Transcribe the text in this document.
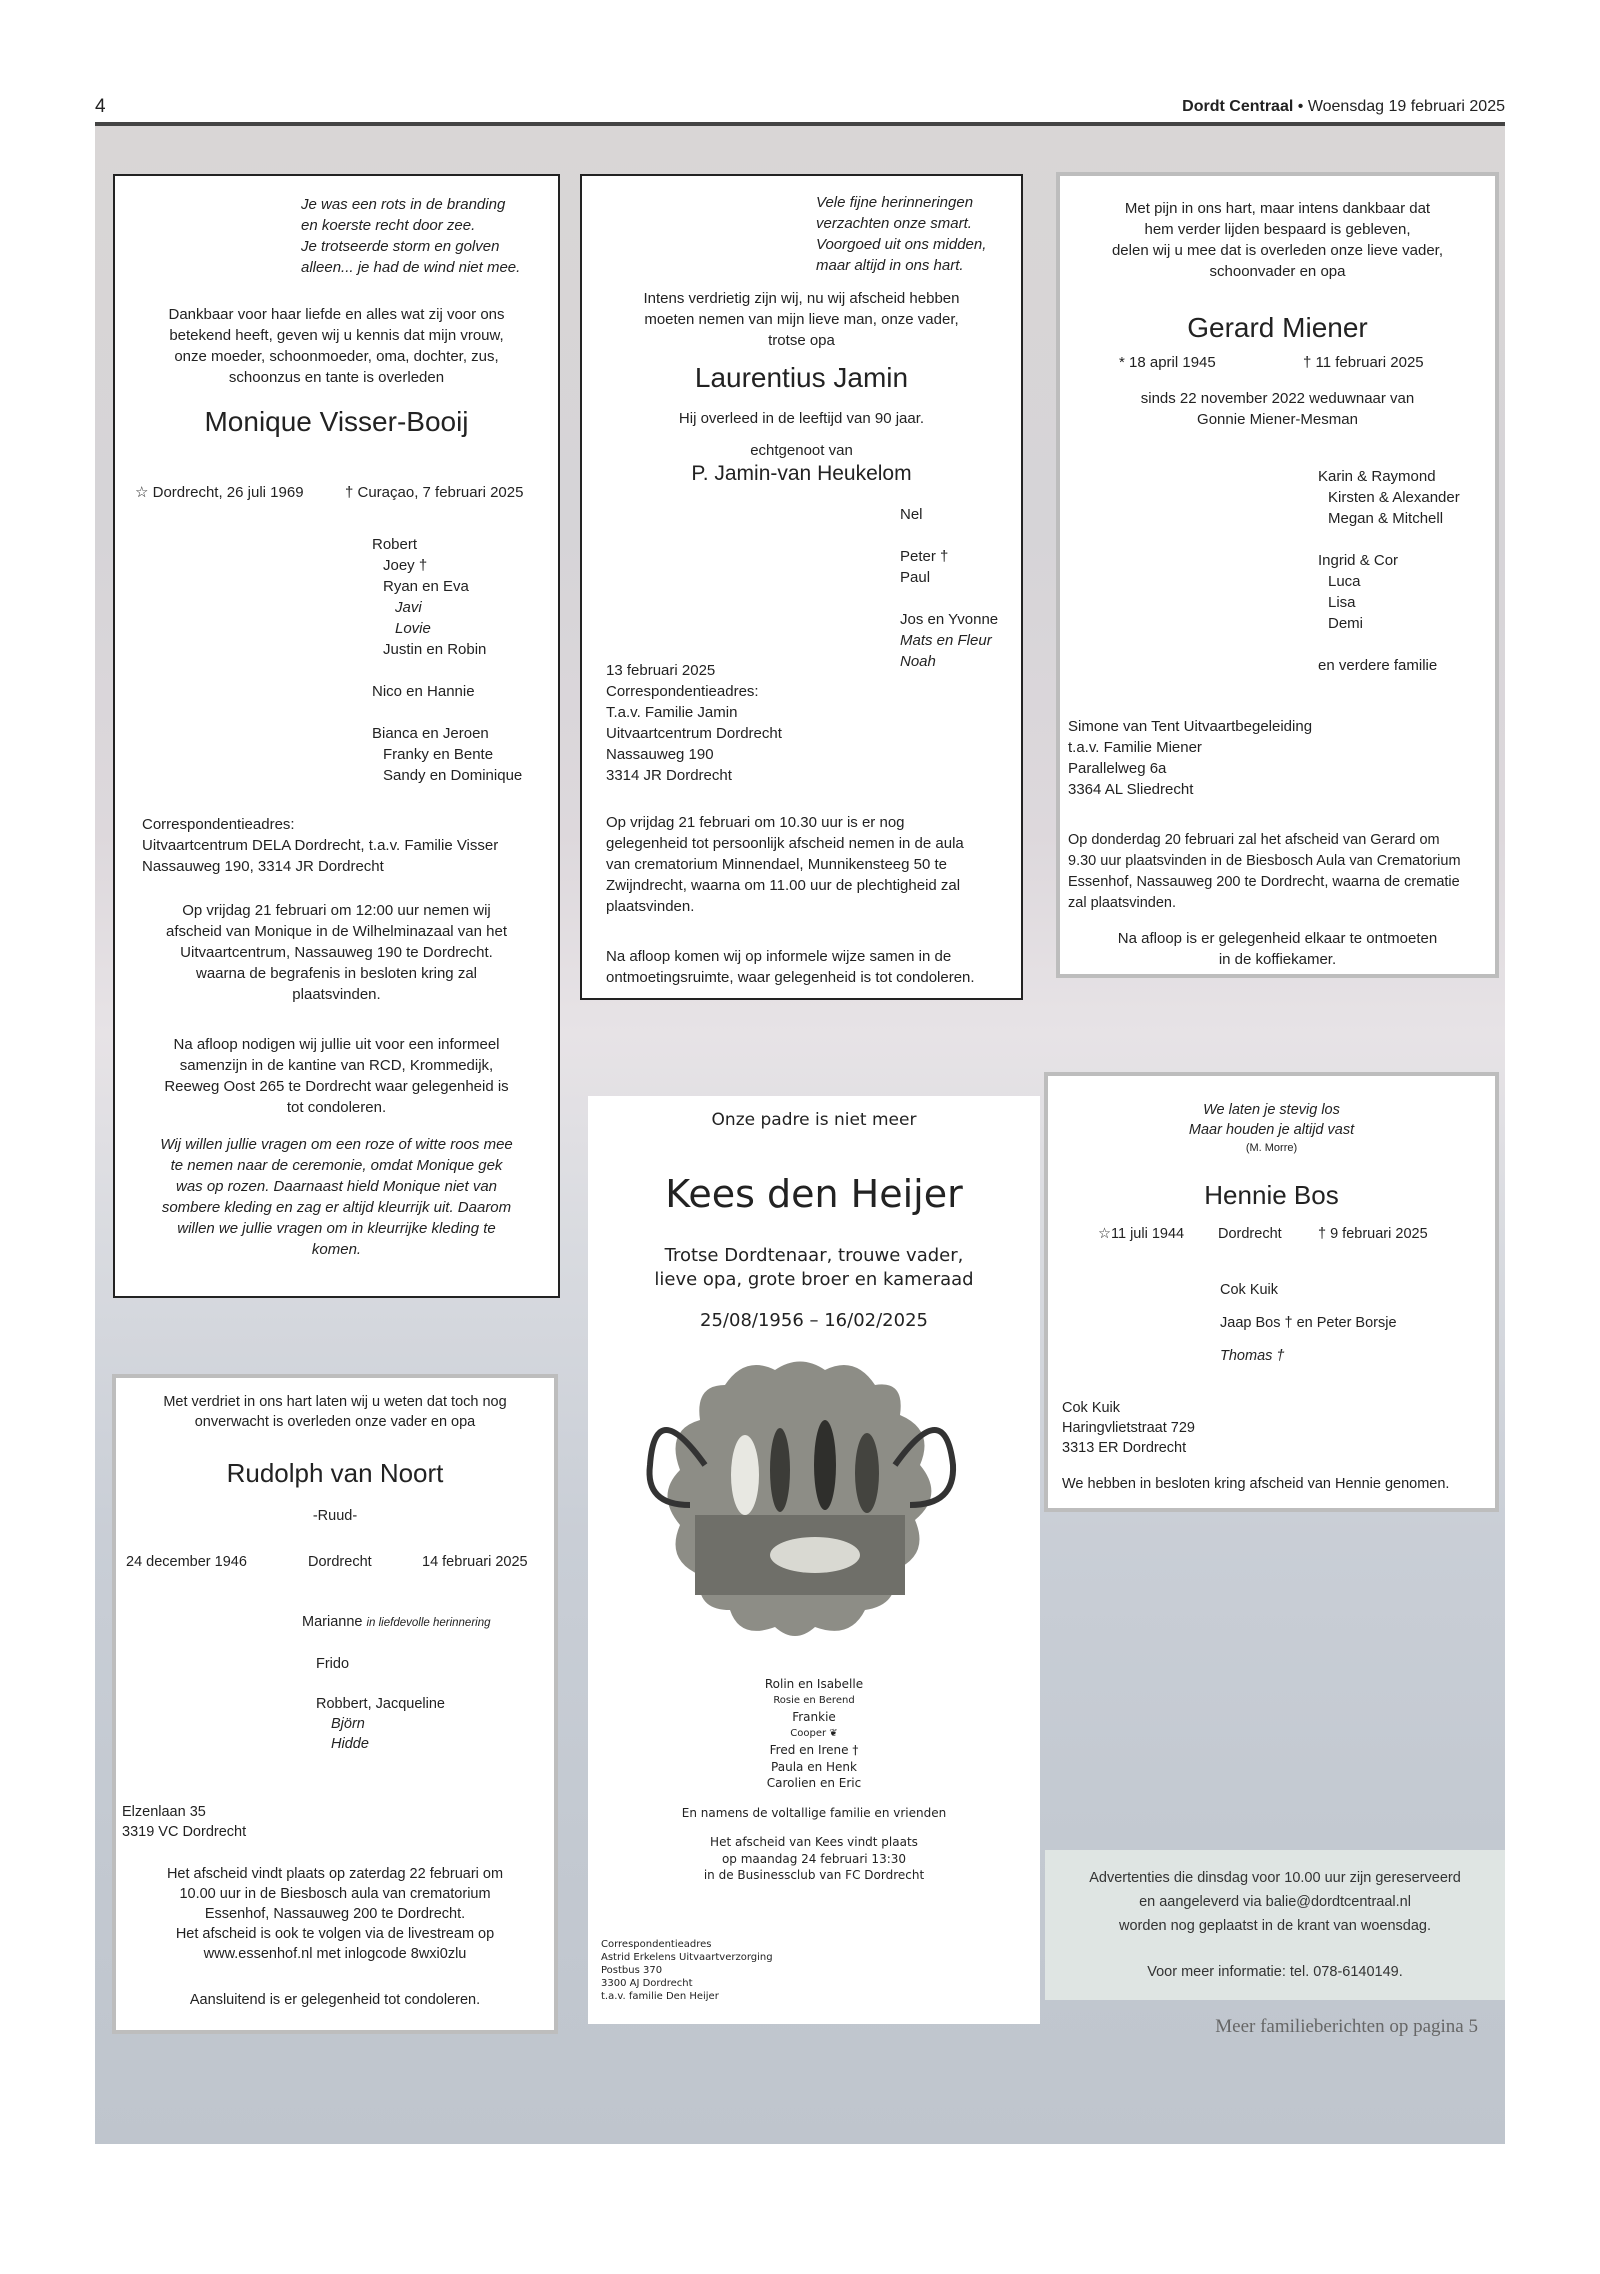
4	Dordt Centraal • Woensdag 19 februari 2025
Je was een rots in de branding
en koerste recht door zee.
Je trotseerde storm en golven
alleen... je had de wind niet mee.
Dankbaar voor haar liefde en alles wat zij voor ons
betekend heeft, geven wij u kennis dat mijn vrouw,
onze moeder, schoonmoeder, oma, dochter, zus,
schoonzus en tante is overleden
Monique Visser-Booij
☆ Dordrecht, 26 juli 1969	† Curaçao, 7 februari 2025
Robert
Joey †
Ryan en Eva
Javi
Lovie
Justin en Robin
Nico en Hannie
Bianca en Jeroen
Franky en Bente
Sandy en Dominique
Correspondentieadres:
Uitvaartcentrum DELA Dordrecht, t.a.v. Familie Visser
Nassauweg 190, 3314 JR Dordrecht
Op vrijdag 21 februari om 12:00 uur nemen wij
afscheid van Monique in de Wilhelminazaal van het
Uitvaartcentrum, Nassauweg 190 te Dordrecht.
waarna de begrafenis in besloten kring zal
plaatsvinden.
Na afloop nodigen wij jullie uit voor een informeel
samenzijn in de kantine van RCD, Krommedijk,
Reeweg Oost 265 te Dordrecht waar gelegenheid is
tot condoleren.
Wij willen jullie vragen om een roze of witte roos mee
te nemen naar de ceremonie, omdat Monique gek
was op rozen. Daarnaast hield Monique niet van
sombere kleding en zag er altijd kleurrijk uit. Daarom
willen we jullie vragen om in kleurrijke kleding te
komen.
Vele fijne herinneringen
verzachten onze smart.
Voorgoed uit ons midden,
maar altijd in ons hart.
Intens verdrietig zijn wij, nu wij afscheid hebben
moeten nemen van mijn lieve man, onze vader,
trotse opa
Laurentius Jamin
Hij overleed in de leeftijd van 90 jaar.
echtgenoot van
P. Jamin-van Heukelom
Nel
Peter †
Paul
Jos en Yvonne
Mats en Fleur
Noah
13 februari 2025
Correspondentieadres:
T.a.v. Familie Jamin
Uitvaartcentrum Dordrecht
Nassauweg 190
3314 JR Dordrecht
Op vrijdag 21 februari om 10.30 uur is er nog
gelegenheid tot persoonlijk afscheid nemen in de aula
van crematorium Minnendael, Munnikensteeg 50 te
Zwijndrecht, waarna om 11.00 uur de plechtigheid zal
plaatsvinden.
Na afloop komen wij op informele wijze samen in de
ontmoetingsruimte, waar gelegenheid is tot condoleren.
Met pijn in ons hart, maar intens dankbaar dat
hem verder lijden bespaard is gebleven,
delen wij u mee dat is overleden onze lieve vader,
schoonvader en opa
Gerard Miener
* 18 april 1945	† 11 februari 2025
sinds 22 november 2022 weduwnaar van
Gonnie Miener-Mesman
Karin & Raymond
Kirsten & Alexander
Megan & Mitchell
Ingrid & Cor
Luca
Lisa
Demi
en verdere familie
Simone van Tent Uitvaartbegeleiding
t.a.v. Familie Miener
Parallelweg 6a
3364 AL Sliedrecht
Op donderdag 20 februari zal het afscheid van Gerard om
9.30 uur plaatsvinden in de Biesbosch Aula van Crematorium
Essenhof, Nassauweg 200 te Dordrecht, waarna de crematie
zal plaatsvinden.
Na afloop is er gelegenheid elkaar te ontmoeten
in de koffiekamer.
Onze padre is niet meer
Kees den Heijer
Trotse Dordtenaar, trouwe vader,
lieve opa, grote broer en kameraad
25/08/1956 – 16/02/2025
Rolin en Isabelle
Rosie en Berend
Frankie
Cooper ❦
Fred en Irene †
Paula en Henk
Carolien en Eric
En namens de voltallige familie en vrienden
Het afscheid van Kees vindt plaats
op maandag 24 februari 13:30
in de Businessclub van FC Dordrecht
Correspondentieadres
Astrid Erkelens Uitvaartverzorging
Postbus 370
3300 AJ Dordrecht
t.a.v. familie Den Heijer
We laten je stevig los
Maar houden je altijd vast
(M. Morre)
Hennie Bos
☆11 juli 1944 Dordrecht	† 9 februari 2025
Cok Kuik
Jaap Bos † en Peter Borsje
Thomas †
Cok Kuik
Haringvlietstraat 729
3313 ER Dordrecht
We hebben in besloten kring afscheid van Hennie genomen.
Met verdriet in ons hart laten wij u weten dat toch nog
onverwacht is overleden onze vader en opa
Rudolph van Noort
-Ruud-
24 december 1946	Dordrecht	14 februari 2025
Marianne in liefdevolle herinnering
Frido
Robbert, Jacqueline
Björn
Hidde
Elzenlaan 35
3319 VC Dordrecht
Het afscheid vindt plaats op zaterdag 22 februari om
10.00 uur in de Biesbosch aula van crematorium
Essenhof, Nassauweg 200 te Dordrecht.
Het afscheid is ook te volgen via de livestream op
www.essenhof.nl met inlogcode 8wxi0zlu
Aansluitend is er gelegenheid tot condoleren.
Advertenties die dinsdag voor 10.00 uur zijn gereserveerd
en aangeleverd via balie@dordtcentraal.nl
worden nog geplaatst in de krant van woensdag.
Voor meer informatie: tel. 078-6140149.
Meer familieberichten op pagina 5
